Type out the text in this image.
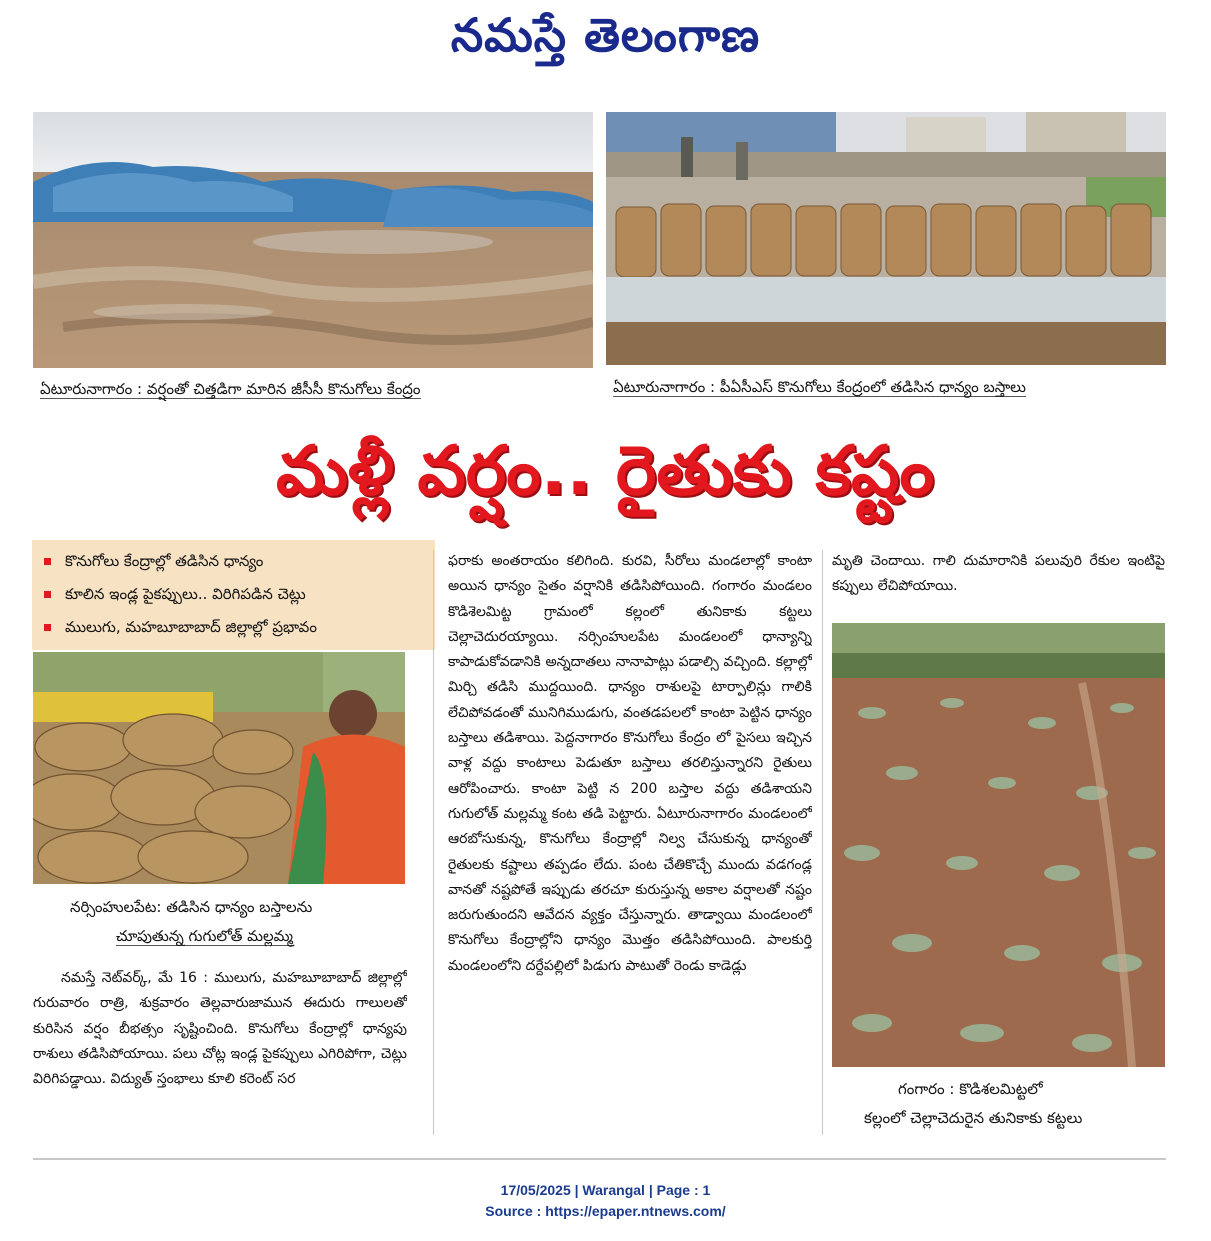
నమస్తే తెలంగాణ
ఏటూరునాగారం : వర్షంతో చిత్తడిగా మారిన జీసీసీ కొనుగోలు కేంద్రం	ఏటూరునాగారం : పీఏసీఎస్ కొనుగోలు కేంద్రంలో తడిసిన ధాన్యం బస్తాలు
మళ్లీ వర్షం.. రైతుకు కష్టం
కొనుగోలు కేంద్రాల్లో తడిసిన ధాన్యం
కూలిన ఇండ్ల పైకప్పులు.. విరిగిపడిన చెట్లు
ములుగు, మహబూబాబాద్ జిల్లాల్లో ప్రభావం
నర్సింహులపేట: తడిసిన ధాన్యం బస్తాలను
చూపుతున్న గుగులోత్ మల్లమ్మ
గంగారం : కొడిశలమిట్టలో
కల్లంలో చెల్లాచెదురైన తునికాకు కట్టలు

నమస్తే నెట్‌వర్క్, మే 16 : ములుగు, మహబూబాబాద్ జిల్లాల్లో గురువారం రాత్రి, శుక్రవారం తెల్లవారుజామున ఈదురు గాలులతో కురిసిన వర్షం బీభత్సం సృష్టించింది. కొనుగోలు కేంద్రాల్లో ధాన్యపు రాశులు తడిసిపోయాయి. పలు చోట్ల ఇండ్ల పైకప్పులు ఎగిరిపోగా, చెట్లు విరిగిపడ్డాయి. విద్యుత్ స్తంభాలు కూలి కరెంట్ సర

ఫరాకు అంతరాయం కలిగింది. కురవి, సీరోలు మండలాల్లో కాంటా అయిన ధాన్యం సైతం వర్షానికి తడిసిపోయింది. గంగారం మండలం కొడిశెలమిట్ట గ్రామంలో కల్లంలో తునికాకు కట్టలు చెల్లాచెదురయ్యాయి. నర్సింహులపేట మండలంలో ధాన్యాన్ని కాపాడుకోవడానికి అన్నదాతలు నానాపాట్లు పడాల్సి వచ్చింది. కల్లాల్లో మిర్చి తడిసి ముద్దయింది. ధాన్యం రాశులపై టార్పాలిన్లు గాలికి లేచిపోవడంతో మునిగిముడుగు, వంతడపలలో కాంటా పెట్టిన ధాన్యం బస్తాలు తడిశాయి. పెద్దనాగారం కొనుగోలు కేంద్రం లో పైసలు ఇచ్చిన వాళ్ల వద్దు కాంటాలు పెడుతూ బస్తాలు తరలిస్తున్నారని రైతులు ఆరోపించారు. కాంటా పెట్టి న 200 బస్తాల వద్దు తడిశాయని గుగులోత్ మల్లమ్మ కంట తడి పెట్టారు. ఏటూరునాగారం మండలంలో ఆరబోసుకున్న, కొనుగోలు కేంద్రాల్లో నిల్వ చేసుకున్న ధాన్యంతో రైతులకు కష్టాలు తప్పడం లేదు. పంట చేతికొచ్చే ముందు వడగండ్ల వానతో నష్టపోతే ఇప్పుడు తరచూ కురుస్తున్న అకాల వర్షాలతో నష్టం జరుగుతుందని ఆవేదన వ్యక్తం చేస్తున్నారు. తాడ్వాయి మండలంలో కొనుగోలు కేంద్రాల్లోని ధాన్యం మొత్తం తడిసిపోయింది. పాలకుర్తి మండలంలోని దర్దేపల్లిలో పిడుగు పాటుతో రెండు కాడెడ్లు

మృతి చెందాయి. గాలి దుమారానికి పలువురి రేకుల ఇంటిపై కప్పులు లేచిపోయాయి.

17/05/2025 | Warangal | Page : 1
Source : https://epaper.ntnews.com/
